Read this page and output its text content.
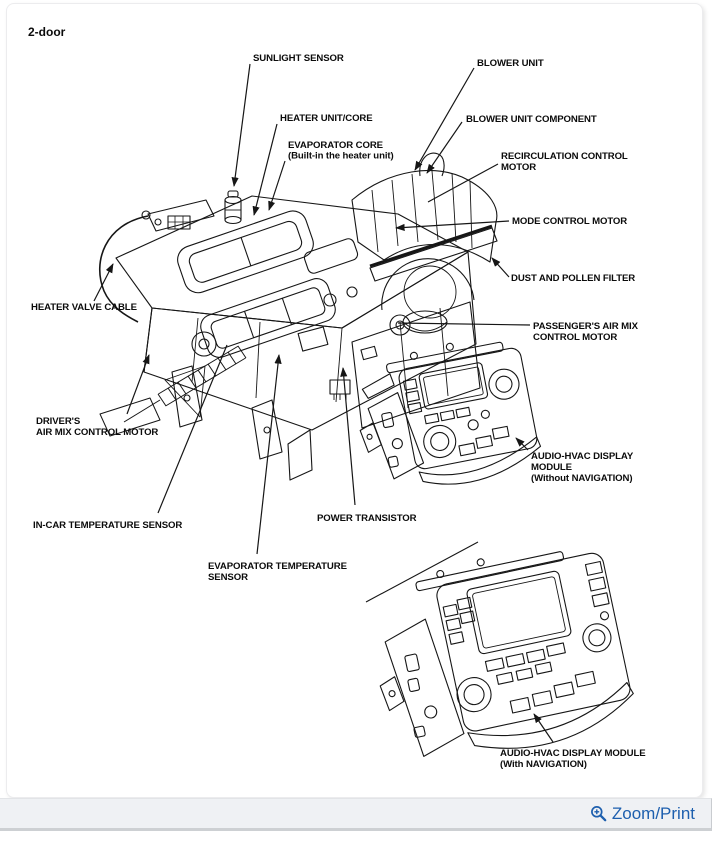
2-door
SUNLIGHT SENSOR	BLOWER UNIT
HEATER UNIT/CORE
EVAPORATOR CORE
(Built-in the heater unit)
BLOWER UNIT COMPONENT
RECIRCULATION CONTROL
MOTOR
MODE CONTROL MOTOR
DUST AND POLLEN FILTER
HEATER VALVE CABLE
PASSENGER'S AIR MIX
CONTROL MOTOR
DRIVER'S
AIR MIX CONTROL MOTOR
AUDIO-HVAC DISPLAY
MODULE
(Without NAVIGATION)
IN-CAR TEMPERATURE SENSOR
POWER TRANSISTOR
EVAPORATOR TEMPERATURE
SENSOR
AUDIO-HVAC DISPLAY MODULE
(With NAVIGATION)
Zoom/Print
